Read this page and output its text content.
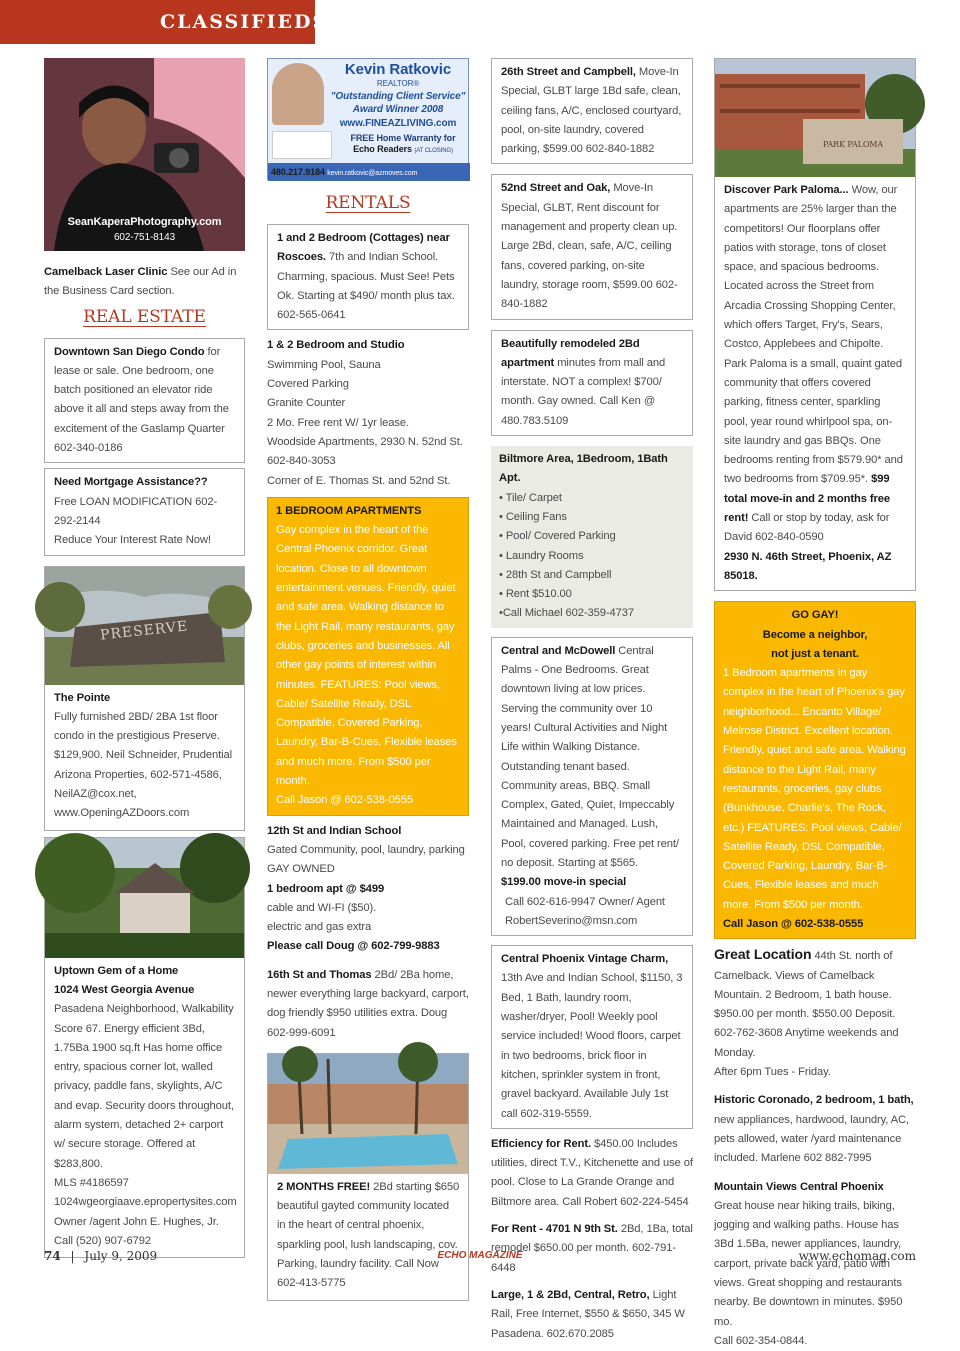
CLASSIFIEDS
SeanKaperaPhotography.com
602-751-8143

Camelback Laser Clinic See our Ad in the Business Card section.

REAL ESTATE

Downtown San Diego Condo for lease or sale. One bedroom, one batch positioned an elevator ride above it all and steps away from the excitement of the Gaslamp Quarter 602-340-0186

Need Mortgage Assistance??

Free LOAN MODIFICATION 602-292-2144

Reduce Your Interest Rate Now!

PRESERVE

The Pointe

Fully furnished 2BD/ 2BA 1st floor condo in the prestigious Preserve. $129,900. Neil Schneider, Prudential Arizona Properties, 602-571-4586, NeilAZ@cox.net, www.OpeningAZDoors.com

Uptown Gem of a Home

1024 West Georgia Avenue

Pasadena Neighborhood, Walkability Score 67. Energy efficient 3Bd, 1.75Ba 1900 sq.ft Has home office entry, spacious corner lot, walled privacy, paddle fans, skylights, A/C and evap. Security doors throughout, alarm system, detached 2+ carport w/ secure storage. Offered at $283,800.

MLS #4186597

1024wgeorgiaave.epropertysites.com

Owner /agent John E. Hughes, Jr.

Call (520) 907-6792

Kevin Ratkovic
REALTOR®
"Outstanding Client Service"
Award Winner 2008
www.FINEAZLIVING.com
FREE Home Warranty for
Echo Readers (AT CLOSING)
480.217.9184 kevin.ratkovic@azmoves.com
RENTALS

1 and 2 Bedroom (Cottages) near Roscoes. 7th and Indian School. Charming, spacious. Must See! Pets Ok. Starting at $490/ month plus tax. 602-565-0641

1 & 2 Bedroom and Studio

Swimming Pool, Sauna

Covered Parking

Granite Counter

2 Mo. Free rent W/ 1yr lease.

Woodside Apartments, 2930 N. 52nd St.

602-840-3053

Corner of E. Thomas St. and 52nd St.

1 BEDROOM APARTMENTS

Gay complex in the heart of the Central Phoenix corridor. Great location. Close to all downtown entertainment venues. Friendly, quiet and safe area. Walking distance to the Light Rail, many restaurants, gay clubs, groceries and businesses. All other gay points of interest within minutes. FEATURES: Pool views, Cable/ Satellite Ready, DSL Compatible, Covered Parking, Laundry, Bar-B-Cues, Flexible leases and much more. From $500 per month.

Call Jason @ 602-538-0555

12th St and Indian School

Gated Community, pool, laundry, parking

GAY OWNED

1 bedroom apt @ $499

cable and WI-FI ($50).

electric and gas extra

Please call Doug @ 602-799-9883

16th St and Thomas 2Bd/ 2Ba home, newer everything large backyard, carport, dog friendly $950 utilities extra. Doug 602-999-6091

2 MONTHS FREE! 2Bd starting $650 beautiful gayted community located in the heart of central phoenix, sparkling pool, lush landscaping, cov. Parking, laundry facility. Call Now 602-413-5775

26th Street and Campbell, Move-In Special, GLBT large 1Bd safe, clean, ceiling fans, A/C, enclosed courtyard, pool, on-site laundry, covered parking, $599.00 602-840-1882

52nd Street and Oak, Move-In Special, GLBT, Rent discount for management and property clean up. Large 2Bd, clean, safe, A/C, ceiling fans, covered parking, on-site laundry, storage room, $599.00 602-840-1882

Beautifully remodeled 2Bd apartment minutes from mall and interstate. NOT a complex! $700/ month. Gay owned. Call Ken @ 480.783.5109

Biltmore Area, 1Bedroom, 1Bath Apt.

• Tile/ Carpet

• Ceiling Fans

• Pool/ Covered Parking

• Laundry Rooms

• 28th St and Campbell

• Rent $510.00

•Call Michael 602-359-4737

Central and McDowell Central Palms - One Bedrooms. Great downtown living at low prices. Serving the community over 10 years! Cultural Activities and Night Life within Walking Distance. Outstanding tenant based. Community areas, BBQ. Small Complex, Gated, Quiet, Impeccably Maintained and Managed. Lush, Pool, covered parking. Free pet rent/ no deposit. Starting at $565.

$199.00 move-in special

Call 602-616-9947 Owner/ Agent RobertSeverino@msn.com

Central Phoenix Vintage Charm, 13th Ave and Indian School, $1150, 3 Bed, 1 Bath, laundry room, washer/dryer, Pool! Weekly pool service included! Wood floors, carpet in two bedrooms, brick floor in kitchen, sprinkler system in front, gravel backyard. Available July 1st call 602-319-5559.

Efficiency for Rent. $450.00 Includes utilities, direct T.V., Kitchenette and use of pool. Close to La Grande Orange and Biltmore area. Call Robert 602-224-5454

For Rent - 4701 N 9th St. 2Bd, 1Ba, total remodel $650.00 per month. 602-791-6448

Large, 1 & 2Bd, Central, Retro, Light Rail, Free Internet, $550 & $650, 345 W Pasadena. 602.670.2085

PARK PALOMA

Discover Park Paloma... Wow, our apartments are 25% larger than the competitors! Our floorplans offer patios with storage, tons of closet space, and spacious bedrooms. Located across the Street from Arcadia Crossing Shopping Center, which offers Target, Fry's, Sears, Costco, Applebees and Chipolte. Park Paloma is a small, quaint gated community that offers covered parking, fitness center, sparkling pool, year round whirlpool spa, on-site laundry and gas BBQs. One bedrooms renting from $579.90* and two bedrooms from $709.95*. $99 total move-in and 2 months free rent! Call or stop by today, ask for David 602-840-0590

2930 N. 46th Street, Phoenix, AZ 85018.

GO GAY!

Become a neighbor,

not just a tenant.

1 Bedroom apartments in gay complex in the heart of Phoenix's gay neighborhood... Encanto Village/ Melrose District. Excellent location. Friendly, quiet and safe area. Walking distance to the Light Rail, many restaurants, groceries, gay clubs (Bunkhouse, Charlie's, The Rock, etc.) FEATURES: Pool views, Cable/ Satellite Ready, DSL Compatible, Covered Parking, Laundry, Bar-B-Cues, Flexible leases and much more. From $500 per month.

Call Jason @ 602-538-0555

Great Location 44th St. north of Camelback. Views of Camelback Mountain. 2 Bedroom, 1 bath house. $950.00 per month. $550.00 Deposit. 602-762-3608 Anytime weekends and Monday.

After 6pm Tues - Friday.

Historic Coronado, 2 bedroom, 1 bath, new appliances, hardwood, laundry, AC, pets allowed, water /yard maintenance included. Marlene 602 882-7995

Mountain Views Central Phoenix

Great house near hiking trails, biking, jogging and walking paths. House has 3Bd 1.5Ba, newer appliances, laundry, carport, private back yard, patio with views. Great shopping and restaurants nearby. Be downtown in minutes. $950 mo.

Call 602-354-0844.

74 | July 9, 2009	ECHO MAGAZINE	www.echomag.com
